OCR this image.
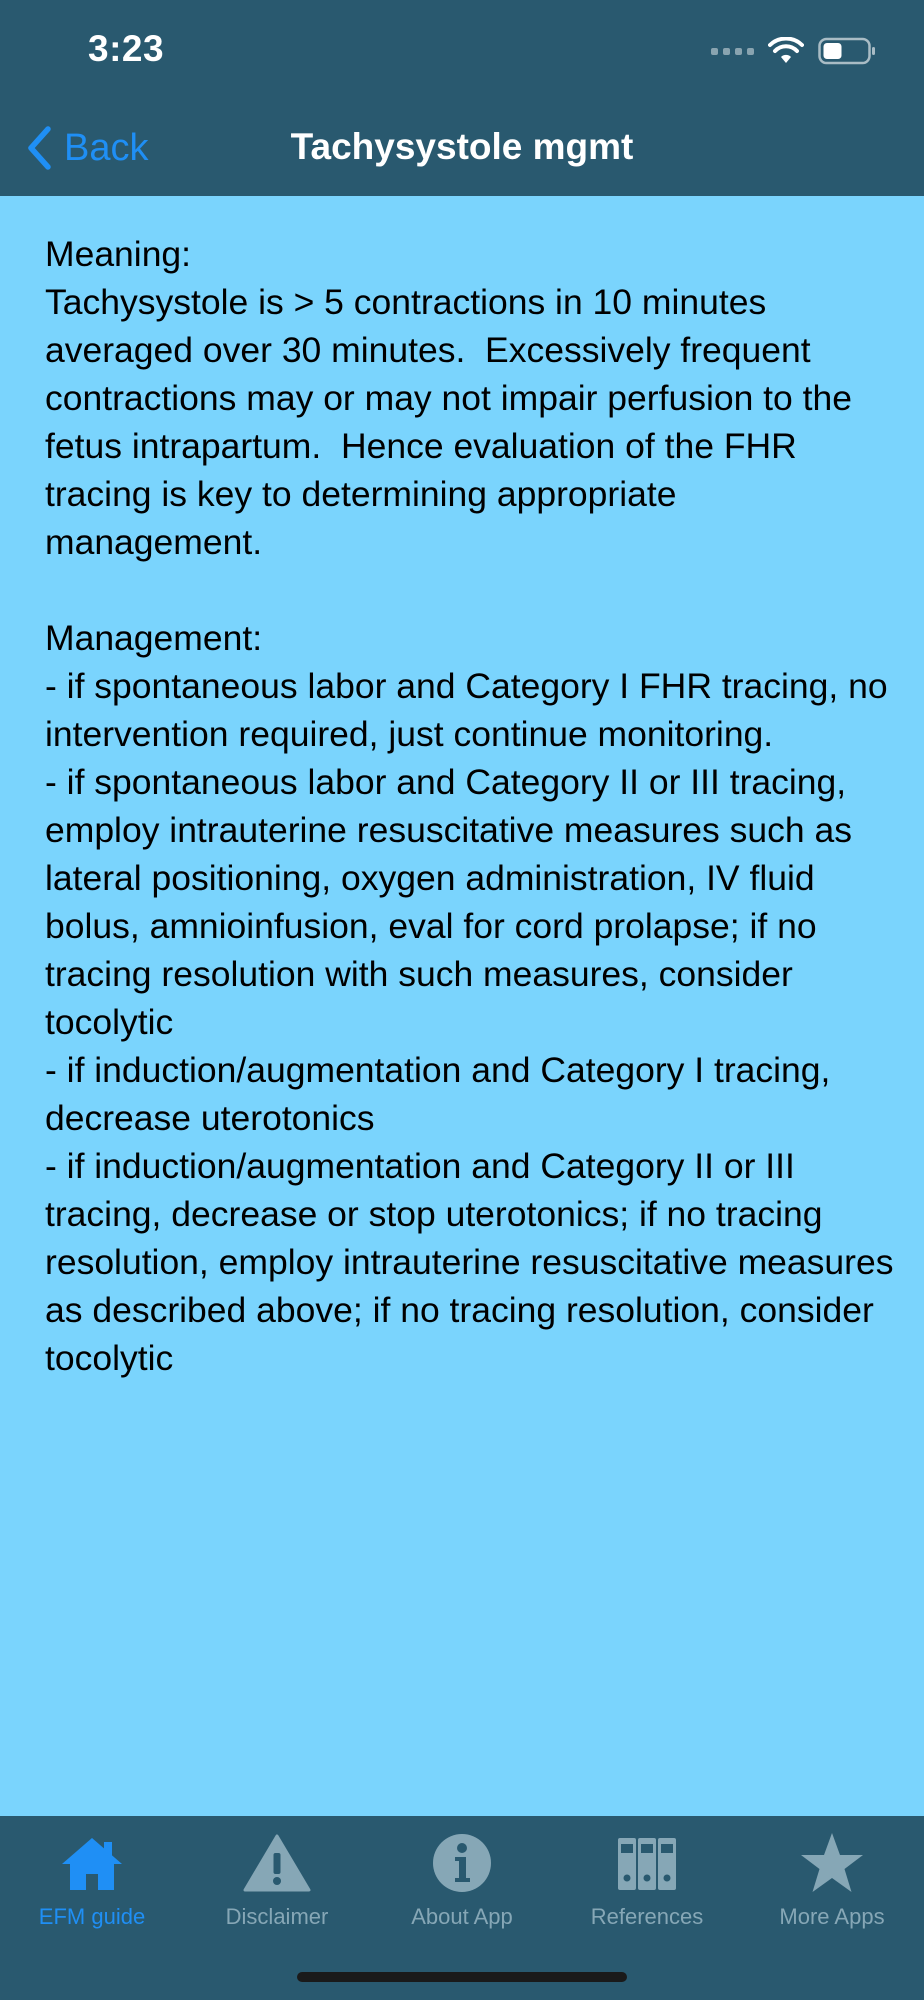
3:23
Back	Tachysystole mgmt
Meaning:
Tachysystole is > 5 contractions in 10 minutes averaged over 30 minutes.  Excessively frequent contractions may or may not impair perfusion to the fetus intrapartum.  Hence evaluation of the FHR tracing is key to determining appropriate management.

Management:
- if spontaneous labor and Category I FHR tracing, no intervention required, just continue monitoring.
- if spontaneous labor and Category II or III tracing, employ intrauterine resuscitative measures such as lateral positioning, oxygen administration, IV fluid bolus, amnioinfusion, eval for cord prolapse; if no tracing resolution with such measures, consider tocolytic
- if induction/augmentation and Category I tracing, decrease uterotonics
- if induction/augmentation and Category II or III tracing, decrease or stop uterotonics; if no tracing resolution, employ intrauterine resuscitative measures as described above; if no tracing resolution, consider tocolytic
EFM guide	Disclaimer	About App	References	More Apps
